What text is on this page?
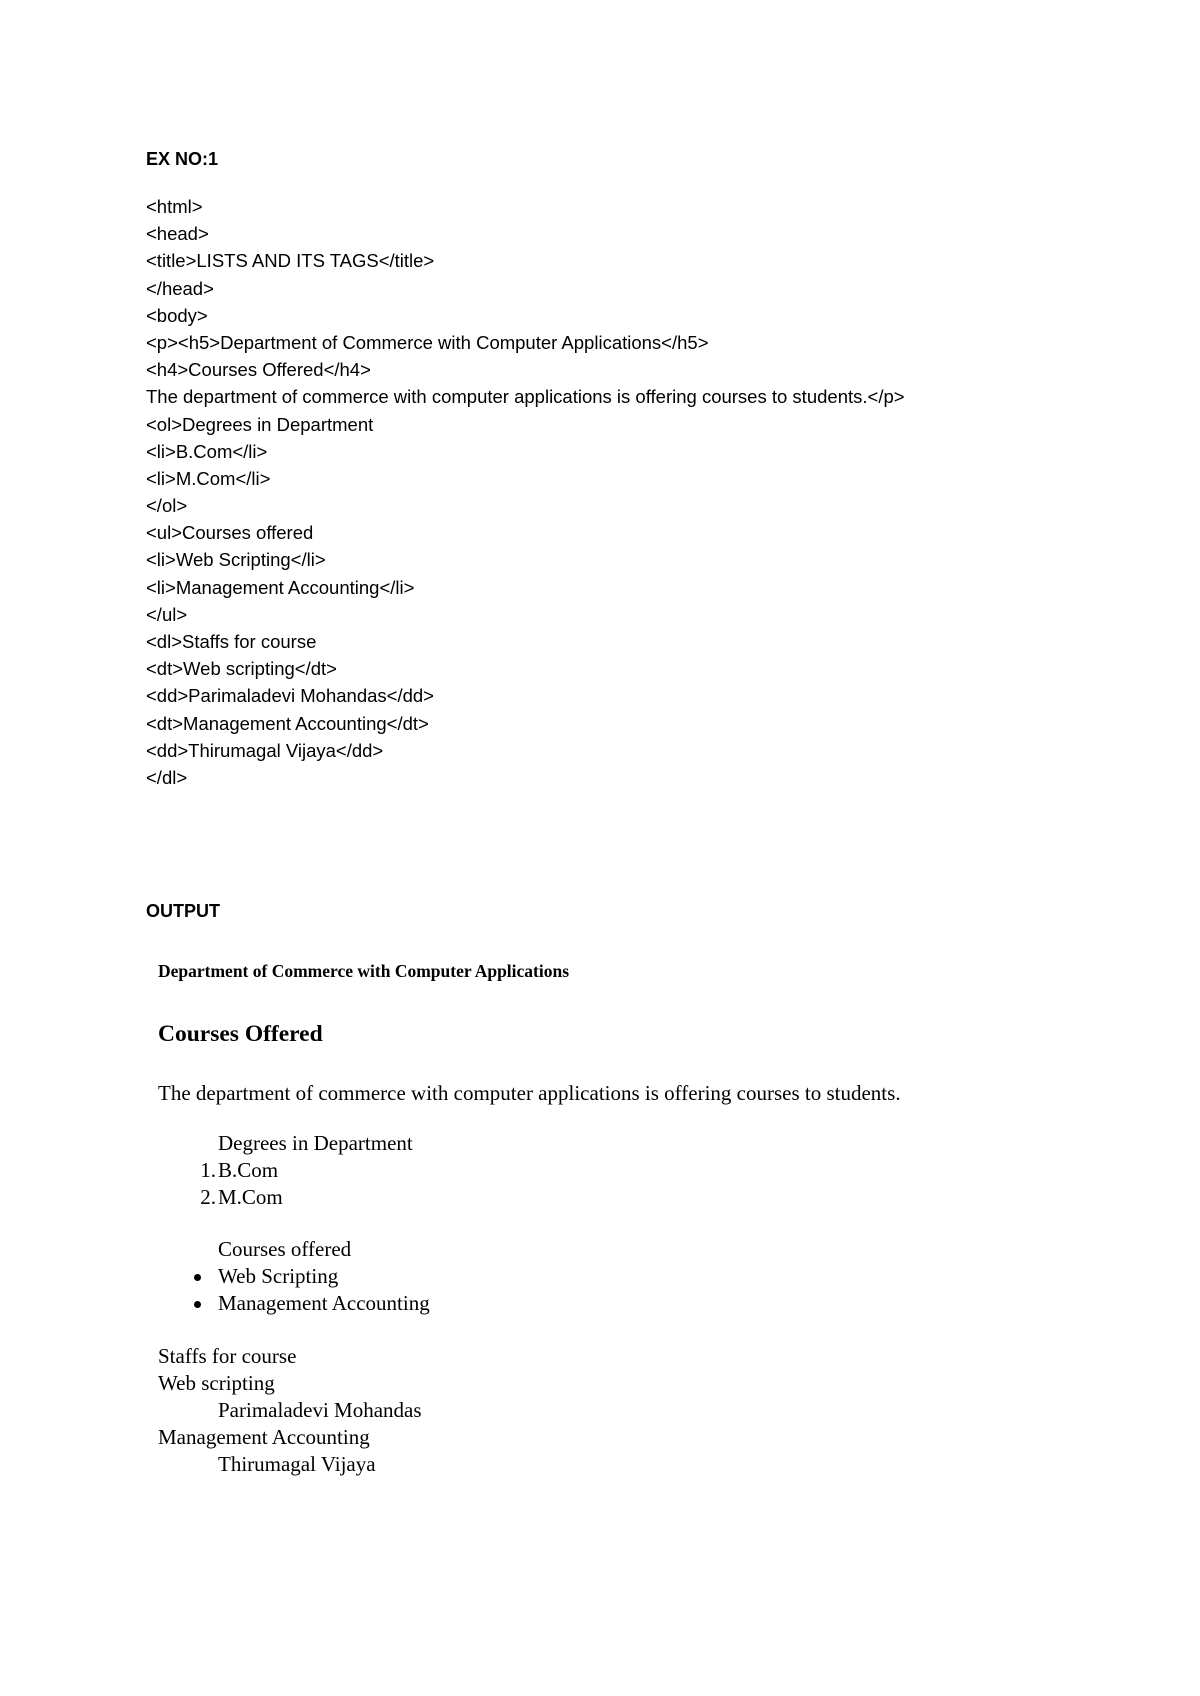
EX NO:1

<html>
<head>
<title>LISTS AND ITS TAGS</title>
</head>
<body>
<p><h5>Department of Commerce with Computer Applications</h5>
<h4>Courses Offered</h4>
The department of commerce with computer applications is offering courses to students.</p>
<ol>Degrees in Department
<li>B.Com</li>
<li>M.Com</li>
</ol>
<ul>Courses offered
<li>Web Scripting</li>
<li>Management Accounting</li>
</ul>
<dl>Staffs for course
<dt>Web scripting</dt>
<dd>Parimaladevi Mohandas</dd>
<dt>Management Accounting</dt>
<dd>Thirumagal Vijaya</dd>
</dl>

OUTPUT

Department of Commerce with Computer Applications
Courses Offered

The department of commerce with computer applications is offering courses to students.

Degrees in Department
1. B.Com
2. M.Com
Courses offered
Web Scripting
Management Accounting
Staffs for course
Web scripting
Parimaladevi Mohandas
Management Accounting
Thirumagal Vijaya
